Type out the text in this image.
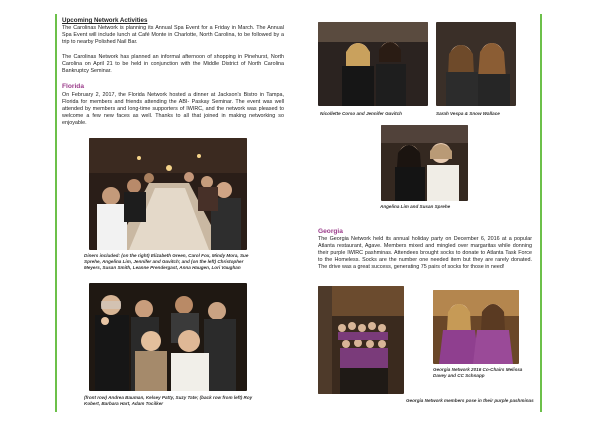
Upcoming Network Activities
The Carolinas Network is planning its Annual Spa Event for a Friday in March. The Annual Spa Event will include lunch at Café Monte in Charlotte, North Carolina, to be followed by a trip to nearby Polished Nail Bar.
The Carolinas Network has planned an informal afternoon of shopping in Pinehurst, North Carolina on April 21 to be held in conjunction with the Middle District of North Carolina Bankruptcy Seminar.
Florida
On February 2, 2017, the Florida Network hosted a dinner at Jackson's Bistro in Tampa, Florida for members and friends attending the ABI- Paskay Seminar. The event was well attended by members and long-time supporters of IWIRC, and the network was pleased to welcome a few new faces as well. Thanks to all that joined in making networking so enjoyable.
Diners included: (on the right) Elizabeth Green, Carol Fox, Mindy Mora, Sue Sprehe, Angelina Lim, Jennifer and Gavitch; and (on the left) Christopher Meyers, Susan Smith, Leanne Prendergast, Anna Haugen, Lori Vaughan
(front row) Andrea Bauman, Kelsey Patty, Suzy Tate; (back row from left) Roy Kobert, Barbara Hart, Adam Tocilker
Nicollette Corso and Jennifer Gavitch	Sarah Vespa & Snow Wallace
Angelina Lim and Susan Sprehe
Georgia
The Georgia Network held its annual holiday party on December 6, 2016 at a popular Atlanta restaurant, Agave. Members mixed and mingled over margaritas while donning their purple IWIRC pashminas. Attendees brought socks to donate to Atlanta Task Force to the Homeless. Socks are the number one needed item but they are rarely donated. The drive was a great success, generating 75 pairs of socks for those in need!
Georgia Network 2016 Co-Chairs Melissa Davey and CC Schnapp
Georgia Network members pose in their purple pashminas
